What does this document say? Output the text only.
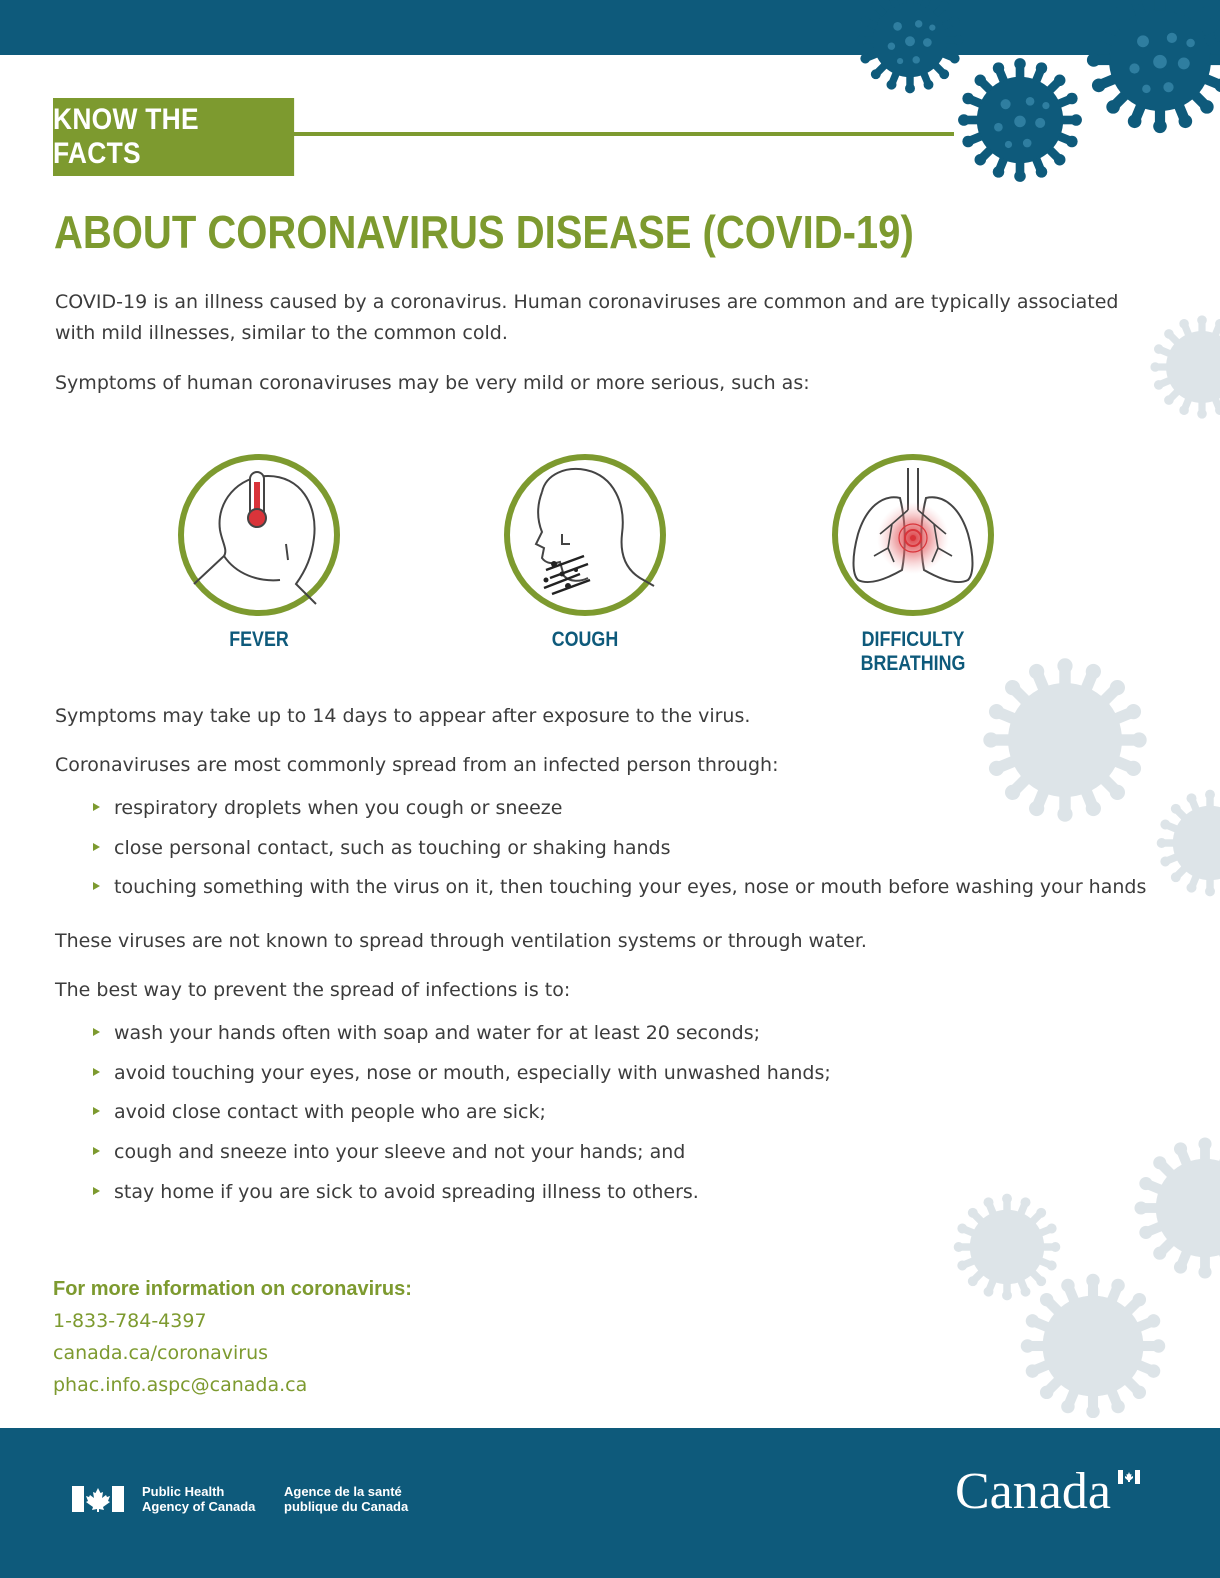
KNOW THE FACTS
ABOUT CORONAVIRUS DISEASE (COVID-19)

COVID-19 is an illness caused by a coronavirus. Human coronaviruses are common and are typically associated

with mild illnesses, similar to the common cold.

Symptoms of human coronaviruses may be very mild or more serious, such as:

FEVER	COUGH	DIFFICULTY BREATHING

Symptoms may take up to 14 days to appear after exposure to the virus.

Coronaviruses are most commonly spread from an infected person through:

respiratory droplets when you cough or sneeze
close personal contact, such as touching or shaking hands
touching something with the virus on it, then touching your eyes, nose or mouth before washing your hands

These viruses are not known to spread through ventilation systems or through water.

The best way to prevent the spread of infections is to:

wash your hands often with soap and water for at least 20 seconds;
avoid touching your eyes, nose or mouth, especially with unwashed hands;
avoid close contact with people who are sick;
cough and sneeze into your sleeve and not your hands; and
stay home if you are sick to avoid spreading illness to others.
For more information on coronavirus:
1-833-784-4397
canada.ca/coronavirus
phac.info.aspc@canada.ca
Public Health
Agency of Canada
Agence de la santé
publique du Canada	Canada
